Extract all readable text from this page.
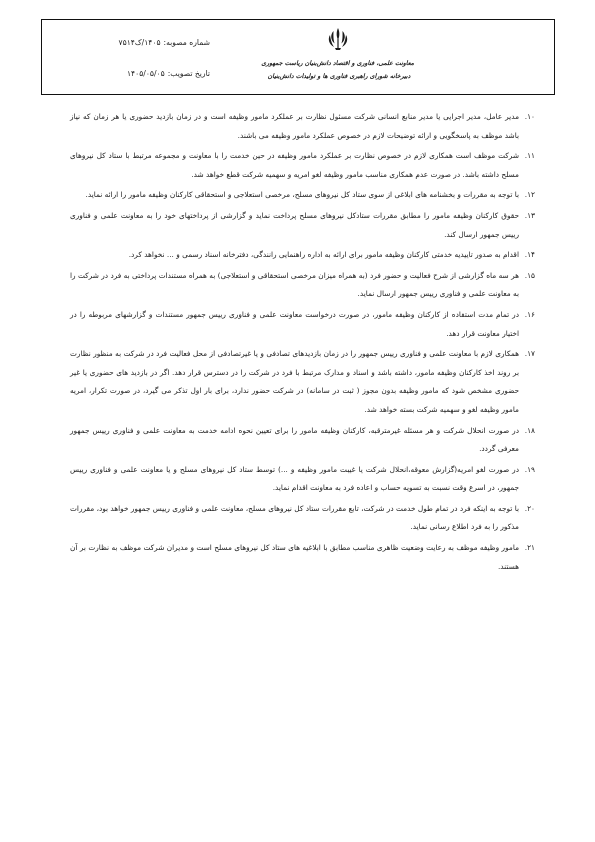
معاونت علمی، فناوری و اقتصاد دانش‌بنیان ریاست جمهوری
دبیرخانه شورای راهبری فناوری ها و تولیدات دانش‌بنیان
شماره مصوبه:۱۴۰۵/ک۷۵۱۴
تاریخ تصویب:۱۴۰۵/۰۵/۰۵

۱۰.
مدیر عامل، مدیر اجرایی یا مدیر منابع انسانی شرکت مسئول نظارت بر عملکرد مامور وظیفه است و در زمان بازدید حضوری یا هر زمان که نیاز باشد موظف به پاسخگویی و ارائه توضیحات لازم در خصوص عملکرد مامور وظیفه می باشند.

۱۱.
شرکت موظف است همکاری لازم در خصوص نظارت بر عملکرد مامور وظیفه در حین خدمت را با معاونت و مجموعه مرتبط با ستاد کل نیروهای مسلح داشته باشد. در صورت عدم همکاری مناسب مامور وظیفه لغو امریه و سهمیه شرکت قطع خواهد شد.

۱۲.
با توجه به مقررات و بخشنامه های ابلاغی از سوی ستاد کل نیروهای مسلح، مرخصی استعلاجی و استحقاقی کارکنان وظیفه مامور را ارائه نماید.

۱۳.
حقوق کارکنان وظیفه مامور را مطابق مقررات ستادکل نیروهای مسلح پرداخت نماید و گزارشی از پرداختهای خود را به معاونت علمی و فناوری رییس جمهور ارسال کند.

۱۴.
اقدام به صدور تاییدیه خدمتی کارکنان وظیفه مامور برای ارائه به اداره راهنمایی رانندگی، دفترخانه اسناد رسمی و ... نخواهد کرد.

۱۵.
هر سه ماه گزارشی از شرح فعالیت و حضور فرد (به همراه میزان مرخصی استحقاقی و استعلاجی) به همراه مستندات پرداختی به فرد در شرکت را به معاونت علمی و فناوری رییس جمهور ارسال نماید.

۱۶.
در تمام مدت استفاده از کارکنان وظیفه مامور، در صورت درخواست معاونت علمی و فناوری رییس جمهور مستندات و گزارشهای مربوطه را در اختیار معاونت قرار دهد.

۱۷.
همکاری لازم با معاونت علمی و فناوری رییس جمهور را در زمان بازدیدهای تصادفی و یا غیرتصادفی از محل فعالیت فرد در شرکت به منظور نظارت بر روند اخذ کارکنان وظیفه مامور، داشته باشد و اسناد و مدارک مرتبط با فرد در شرکت را در دسترس قرار دهد. اگر در بازدید های حضوری یا غیر حضوری مشخص شود که مامور وظیفه بدون مجوز ( ثبت در سامانه) در شرکت حضور ندارد، برای بار اول تذکر می گیرد، در صورت تکرار، امریه مامور وظیفه لغو و سهمیه شرکت بسته خواهد شد.

۱۸.
در صورت انحلال شرکت و هر مسئله غیرمترقبه، کارکنان وظیفه مامور را برای تعیین نحوه ادامه خدمت به معاونت علمی و فناوری رییس جمهور معرفی گردد.

۱۹.
در صورت لغو امریه(گزارش معوقه،انحلال شرکت یا غیبت مامور وظیفه و ...) توسط ستاد کل نیروهای مسلح و یا معاونت علمی و فناوری رییس جمهور، در اسرع وقت نسبت به تسویه حساب و اعاده فرد به معاونت اقدام نماید.

۲۰.
با توجه به اینکه فرد در تمام طول خدمت در شرکت، تابع مقررات ستاد کل نیروهای مسلح، معاونت علمی و فناوری رییس جمهور خواهد بود، مقررات مذکور را به فرد اطلاع رسانی نماید.

۲۱.
مامور وظیفه موظف به رعایت وضعیت ظاهری مناسب مطابق با ابلاغیه های ستاد کل نیروهای مسلح است و مدیران شرکت موظف به نظارت بر آن هستند.
